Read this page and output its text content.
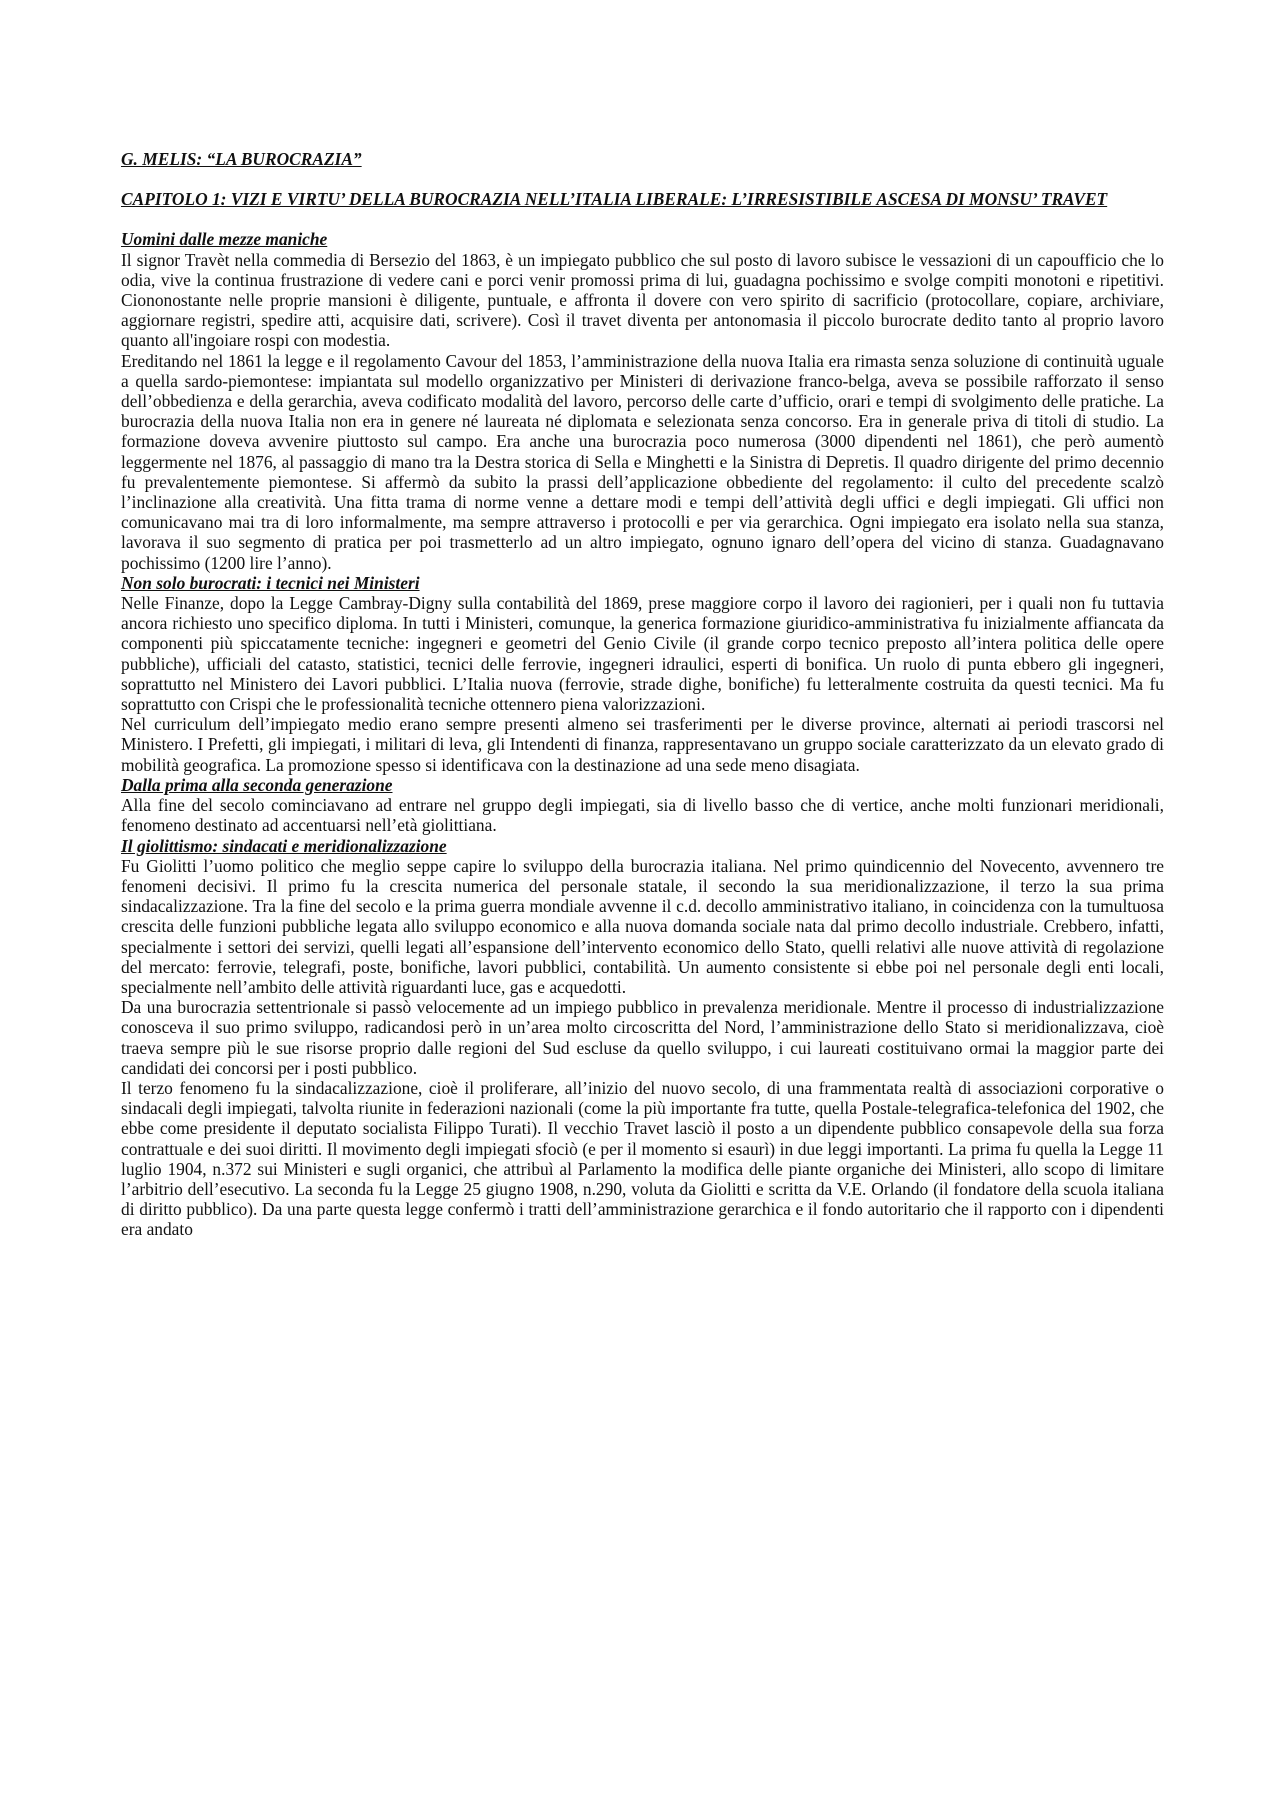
G. MELIS: “LA BUROCRAZIA”
CAPITOLO 1: VIZI E VIRTU’ DELLA BUROCRAZIA NELL’ITALIA LIBERALE: L’IRRESISTIBILE ASCESA DI MONSU’ TRAVET
Uomini dalle mezze maniche

Il signor Travèt nella commedia di Bersezio del 1863, è un impiegato pubblico che sul posto di lavoro subisce le vessazioni di un capoufficio che lo odia, vive la continua frustrazione di vedere cani e porci venir promossi prima di lui, guadagna pochissimo e svolge compiti monotoni e ripetitivi. Ciononostante nelle proprie mansioni è diligente, puntuale, e affronta il dovere con vero spirito di sacrificio (protocollare, copiare, archiviare, aggiornare registri, spedire atti, acquisire dati, scrivere). Così il travet diventa per antonomasia il piccolo burocrate dedito tanto al proprio lavoro quanto all'ingoiare rospi con modestia.

Ereditando nel 1861 la legge e il regolamento Cavour del 1853, l’amministrazione della nuova Italia era rimasta senza soluzione di continuità uguale a quella sardo-piemontese: impiantata sul modello organizzativo per Ministeri di derivazione franco-belga, aveva se possibile rafforzato il senso dell’obbedienza e della gerarchia, aveva codificato modalità del lavoro, percorso delle carte d’ufficio, orari e tempi di svolgimento delle pratiche. La burocrazia della nuova Italia non era in genere né laureata né diplomata e selezionata senza concorso. Era in generale priva di titoli di studio. La formazione doveva avvenire piuttosto sul campo. Era anche una burocrazia poco numerosa (3000 dipendenti nel 1861), che però aumentò leggermente nel 1876, al passaggio di mano tra la Destra storica di Sella e Minghetti e la Sinistra di Depretis. Il quadro dirigente del primo decennio fu prevalentemente piemontese. Si affermò da subito la prassi dell’applicazione obbediente del regolamento: il culto del precedente scalzò l’inclinazione alla creatività. Una fitta trama di norme venne a dettare modi e tempi dell’attività degli uffici e degli impiegati. Gli uffici non comunicavano mai tra di loro informalmente, ma sempre attraverso i protocolli e per via gerarchica. Ogni impiegato era isolato nella sua stanza, lavorava il suo segmento di pratica per poi trasmetterlo ad un altro impiegato, ognuno ignaro dell’opera del vicino di stanza. Guadagnavano pochissimo (1200 lire l’anno).

Non solo burocrati: i tecnici nei Ministeri

Nelle Finanze, dopo la Legge Cambray-Digny sulla contabilità del 1869, prese maggiore corpo il lavoro dei ragionieri, per i quali non fu tuttavia ancora richiesto uno specifico diploma. In tutti i Ministeri, comunque, la generica formazione giuridico-amministrativa fu inizialmente affiancata da componenti più spiccatamente tecniche: ingegneri e geometri del Genio Civile (il grande corpo tecnico preposto all’intera politica delle opere pubbliche), ufficiali del catasto, statistici, tecnici delle ferrovie, ingegneri idraulici, esperti di bonifica. Un ruolo di punta ebbero gli ingegneri, soprattutto nel Ministero dei Lavori pubblici. L’Italia nuova (ferrovie, strade dighe, bonifiche) fu letteralmente costruita da questi tecnici. Ma fu soprattutto con Crispi che le professionalità tecniche ottennero piena valorizzazioni.

Nel curriculum dell’impiegato medio erano sempre presenti almeno sei trasferimenti per le diverse province, alternati ai periodi trascorsi nel Ministero. I Prefetti, gli impiegati, i militari di leva, gli Intendenti di finanza, rappresentavano un gruppo sociale caratterizzato da un elevato grado di mobilità geografica. La promozione spesso si identificava con la destinazione ad una sede meno disagiata.

Dalla prima alla seconda generazione

Alla fine del secolo cominciavano ad entrare nel gruppo degli impiegati, sia di livello basso che di vertice, anche molti funzionari meridionali, fenomeno destinato ad accentuarsi nell’età giolittiana.

Il giolittismo: sindacati e meridionalizzazione

Fu Giolitti l’uomo politico che meglio seppe capire lo sviluppo della burocrazia italiana. Nel primo quindicennio del Novecento, avvennero tre fenomeni decisivi. Il primo fu la crescita numerica del personale statale, il secondo la sua meridionalizzazione, il terzo la sua prima sindacalizzazione. Tra la fine del secolo e la prima guerra mondiale avvenne il c.d. decollo amministrativo italiano, in coincidenza con la tumultuosa crescita delle funzioni pubbliche legata allo sviluppo economico e alla nuova domanda sociale nata dal primo decollo industriale. Crebbero, infatti, specialmente i settori dei servizi, quelli legati all’espansione dell’intervento economico dello Stato, quelli relativi alle nuove attività di regolazione del mercato: ferrovie, telegrafi, poste, bonifiche, lavori pubblici, contabilità. Un aumento consistente si ebbe poi nel personale degli enti locali, specialmente nell’ambito delle attività riguardanti luce, gas e acquedotti.

Da una burocrazia settentrionale si passò velocemente ad un impiego pubblico in prevalenza meridionale. Mentre il processo di industrializzazione conosceva il suo primo sviluppo, radicandosi però in un’area molto circoscritta del Nord, l’amministrazione dello Stato si meridionalizzava, cioè traeva sempre più le sue risorse proprio dalle regioni del Sud escluse da quello sviluppo, i cui laureati costituivano ormai la maggior parte dei candidati dei concorsi per i posti pubblico.

Il terzo fenomeno fu la sindacalizzazione, cioè il proliferare, all’inizio del nuovo secolo, di una frammentata realtà di associazioni corporative o sindacali degli impiegati, talvolta riunite in federazioni nazionali (come la più importante fra tutte, quella Postale-telegrafica-telefonica del 1902, che ebbe come presidente il deputato socialista Filippo Turati). Il vecchio Travet lasciò il posto a un dipendente pubblico consapevole della sua forza contrattuale e dei suoi diritti. Il movimento degli impiegati sfociò (e per il momento si esaurì) in due leggi importanti. La prima fu quella la Legge 11 luglio 1904, n.372 sui Ministeri e sugli organici, che attribuì al Parlamento la modifica delle piante organiche dei Ministeri, allo scopo di limitare l’arbitrio dell’esecutivo. La seconda fu la Legge 25 giugno 1908, n.290, voluta da Giolitti e scritta da V.E. Orlando (il fondatore della scuola italiana di diritto pubblico). Da una parte questa legge confermò i tratti dell’amministrazione gerarchica e il fondo autoritario che il rapporto con i dipendenti era andato
